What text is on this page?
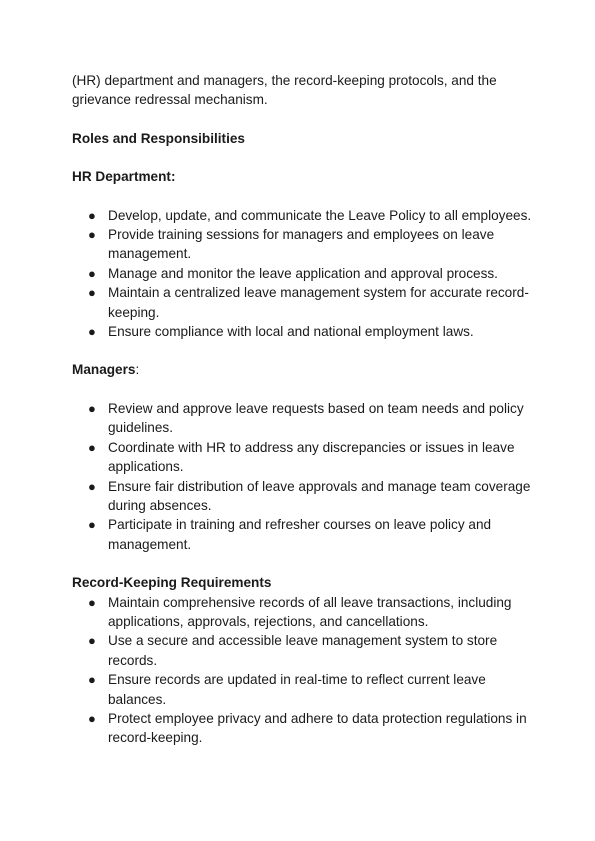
(HR) department and managers, the record-keeping protocols, and the grievance redressal mechanism.

Roles and Responsibilities

HR Department:

● Develop, update, and communicate the Leave Policy to all employees.
● Provide training sessions for managers and employees on leave management.
● Manage and monitor the leave application and approval process.
● Maintain a centralized leave management system for accurate record-keeping.
● Ensure compliance with local and national employment laws.

Managers:

● Review and approve leave requests based on team needs and policy guidelines.
● Coordinate with HR to address any discrepancies or issues in leave applications.
● Ensure fair distribution of leave approvals and manage team coverage during absences.
● Participate in training and refresher courses on leave policy and management.

Record-Keeping Requirements

● Maintain comprehensive records of all leave transactions, including applications, approvals, rejections, and cancellations.
● Use a secure and accessible leave management system to store records.
● Ensure records are updated in real-time to reflect current leave balances.
● Protect employee privacy and adhere to data protection regulations in record-keeping.
